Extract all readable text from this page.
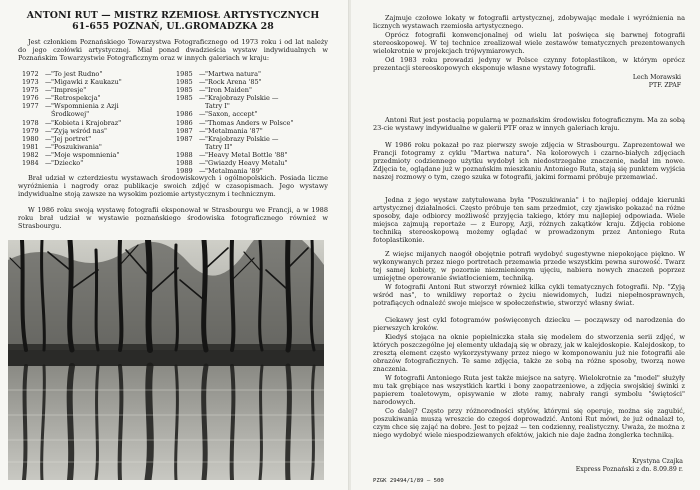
ANTONI RUT — MISTRZ RZEMIOSŁ ARTYSTYCZNYCH
61-655 POZNAŃ, UL.GROMADZKA 28

Jest członkiem Poznańskiego Towarzystwa Fotograficznego od 1973 roku i od lat należy do jego czołówki artystycznej. Miał ponad dwadzieścia wystaw indywidualnych w Poznańskim Towarzystwie Fotograficznym oraz w innych galeriach w kraju:

1972 — "To jest Rudno"
1973 — "Migawki z Kaukazu"
1975 — "Impresje"
1976 — "Retrospekcja"
1977 — "Wspomnienia z Azji
Środkowej"
1978 — "Kobieta i Krajobraz"
1979 — "Zyją wśród nas"
1980 — "Jej portret"
1981 — "Poszukiwania"
1982 — "Moje wspomnienia"
1984 — "Dziecko"
1985 — "Martwa natura"
1985 — "Rock Arena '85"
1985 — "Iron Maiden"
1985 — "Krajobrazy Polskie —
Tatry I"
1986 — "Saxon, accept"
1986 — "Thomas Anders w Polsce"
1987 — "Metalmania '87"
1987 — "Krajobrazy Polskie —
Tatry II"
1988 — "Heavy Metal Bottle '88"
1988 — "Gwiazdy Heavy Metalu"
1989 — "Metalmania '89"

Brał udział w czterdziestu wystawach środowiskowych i ogólnopolskich. Posiada liczne wyróżnienia i nagrody oraz publikacje swoich zdjęć w czasopismach. Jego wystawy indywidualne stoją zawsze na wysokim poziomie artystycznym i technicznym.

W 1986 roku swoją wystawę fotografii eksponował w Strasbourgu we Francji, a w 1988 roku brał udział w wystawie poznańskiego środowiska fotograficznego również w Strasbourgu.

Zajmuje czołowe lokaty w fotografii artystycznej, zdobywając medale i wyróżnienia na licznych wystawach rzemiosła artystycznego.

Oprócz fotografii konwencjonalnej od wielu lat poświęca się barwnej fotografii stereoskopowej. W tej technice zrealizował wiele zestawów tematycznych prezentowanych wielokrotnie w projekcjach trójwymiarowych.

Od 1983 roku prowadzi jedyny w Polsce czynny fotoplastikon, w którym oprócz prezentacji stereoskopowych eksponuje własne wystawy fotografii.

Lech Morawski
PTF. ZPAF

Antoni Rut jest postacią popularną w poznańskim środowisku fotograficznym. Ma za sobą 23-cie wystawy indywidualne w galerii PTF oraz w innych galeriach kraju.

W 1986 roku pokazał po raz pierwszy swoje zdjęcia w Strasbourgu. Zaprezentował we Francji fotogramy z cyklu "Martwa natura". Na kolorowych i czarno-białych zdjęciach przedmioty codziennego użytku wydobył ich niedostrzegalne znaczenie, nadał im nowe. Zdjęcia te, oglądane już w poznańskim mieszkaniu Antoniego Ruta, stają się punktem wyjścia naszej rozmowy o tym, czego szuka w fotografii, jakimi formami próbuje przemawiać.

Jedna z jego wystaw zatytułowana była "Poszukiwania" i to najlepiej oddaje kierunki artystycznej działalności. Często próbuje ten sam przedmiot, czy zjawisko pokazać na różne sposoby, daje odbiorcy możliwość przyjęcia takiego, który mu najlepiej odpowiada. Wiele miejsca zajmują reportaże — z Europy, Azji, różnych zakątków kraju. Zdjęcia robione techniką stereoskopową możemy oglądać w prowadzonym przez Antoniego Ruta fotoplastikonie.

Z wiejsc mijanych naogół obojętnie potrafi wydobyć sugestywne niepokojące piękno. W wykonywanych przez niego portretach przemawia przede wszystkim pewna surowość. Twarz tej samej kobiety, w pozornie niezmienionym ujęciu, nabiera nowych znaczeń poprzez umiejętne operowanie światłocieniem, techniką.

W fotografii Antoni Rut stworzył również kilka cykli tematycznych fotografii. Np. "Zyją wśród nas", to wnikliwy reportaż o życiu niewidomych, ludzi niepełnosprawnych, potrafiących odnaleźć swoje miejsce w społeczeństwie, stworzyć własny świat.

Ciekawy jest cykl fotogramów poświęconych dziecku — począwszy od narodzenia do pierwszych kroków.

Kiedyś stojąca na oknie popielniczka stała się modelem do stworzenia serii zdjęć, w których poszczególne jej elementy układają się w obrazy, jak w kalejdoskopie. Kalejdoskop, to zresztą element często wykorzystywany przez niego w komponowaniu już nie fotografii ale obrazów fotograficznych. Te same zdjęcia, także ze sobą na różne sposoby, tworzą nowe znaczenia.

W fotografii Antoniego Ruta jest także miejsce na satyrę. Wielokrotnie za "model" służyły mu tak grębiące nas wszystkich kartki i bony zaopatrzeniowe, a zdjęcia swojskiej świnki z papierem toaletowym, opisywanie w złote ramy, nabrały rangi symbolu "świętości" narodowych.

Co dalej? Często przy różnorodności stylów, którymi się operuje, można się zagubić, poszukiwania muszą wreszcie do czegoś doprowadzić. Antoni Rut mówi, że już odnalazł to, czym chce się zająć na dobre. Jest to pejzaż — ten codzienny, realistyczny. Uważa, że można z niego wydobyć wiele niespodziewanych efektów, jakich nie daje żadna żonglerka techniką.

Krystyna Czajka
Express Poznański z dn. 8.09.89 r.

PZGK 29494/1/89 — 500
